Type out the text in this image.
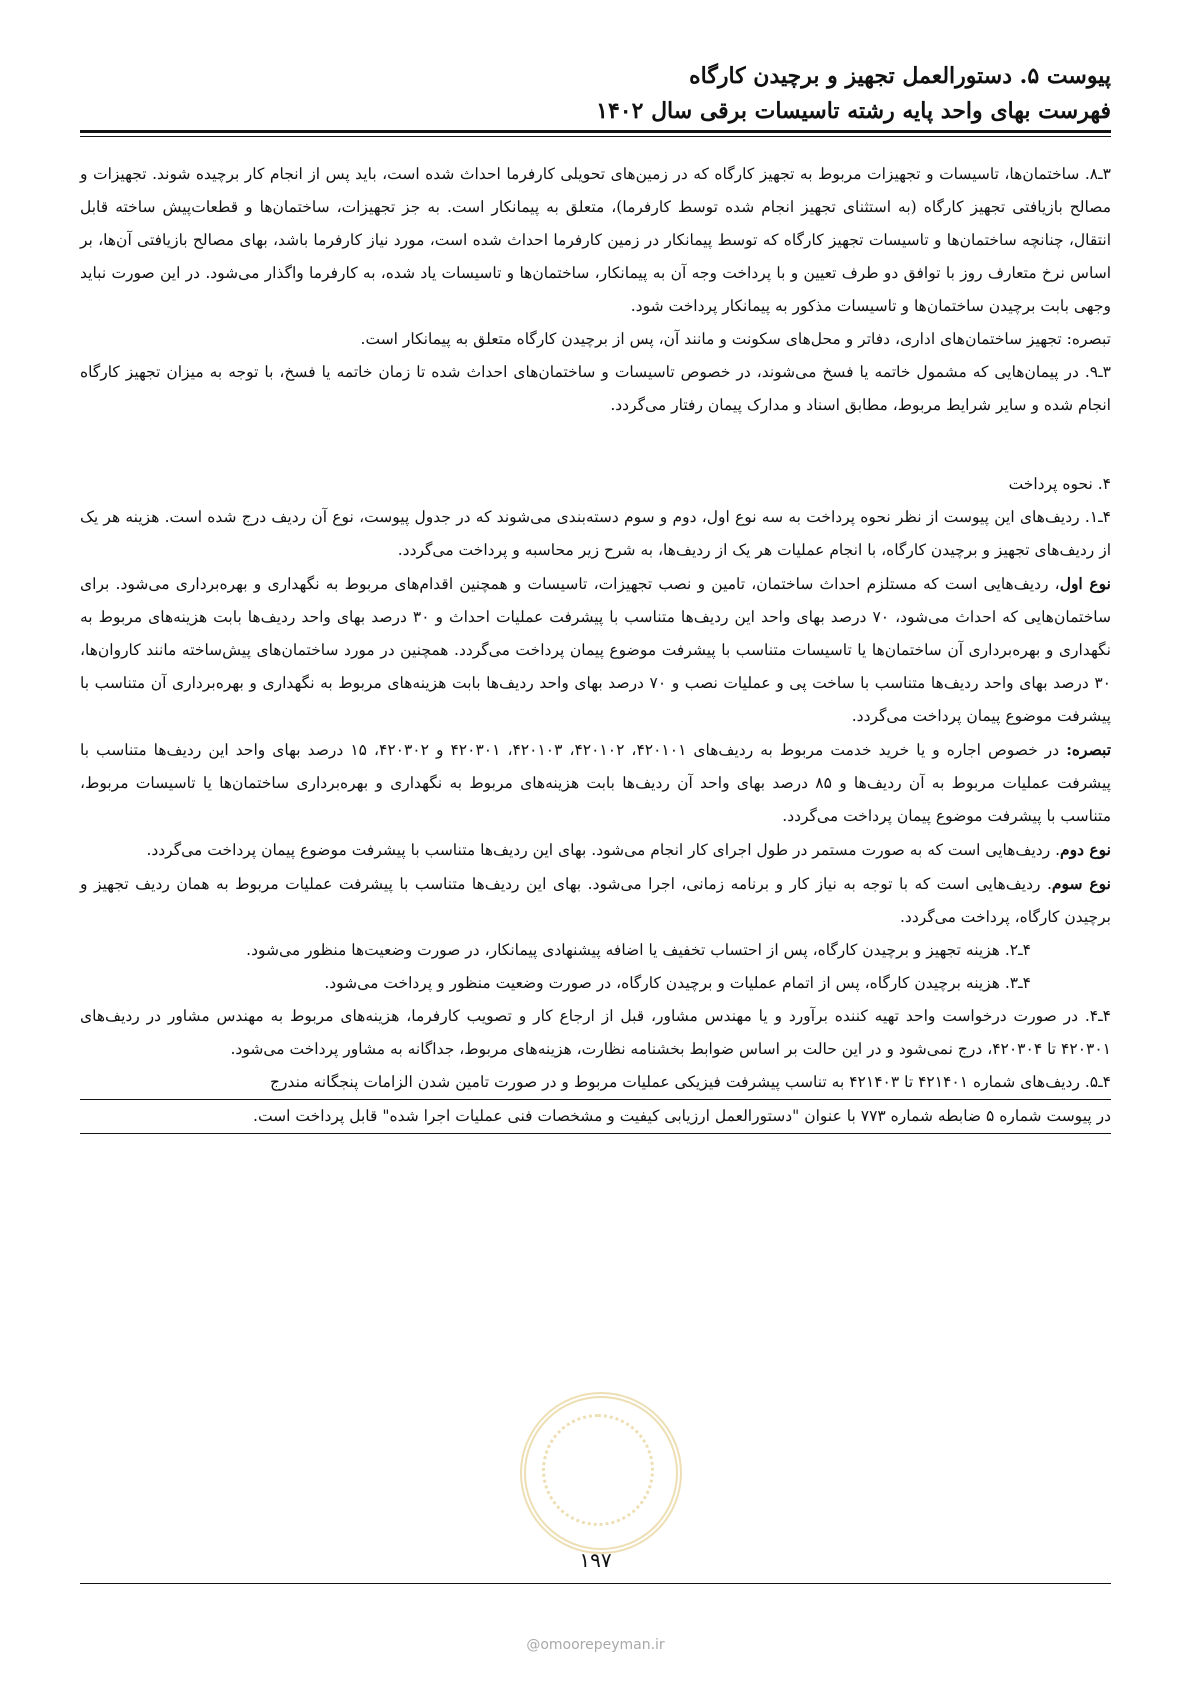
پیوست ۵. دستورالعمل تجهیز و برچیدن کارگاه
فهرست بهای واحد پایه رشته تاسیسات برقی سال ۱۴۰۲

۳ـ۸. ساختمان‌ها، تاسیسات و تجهیزات مربوط به تجهیز کارگاه که در زمین‌های تحویلی کارفرما احداث شده است، باید پس از انجام کار برچیده شوند. تجهیزات و مصالح بازیافتی تجهیز کارگاه (به استثنای تجهیز انجام شده توسط کارفرما)، متعلق به پیمانکار است. به جز تجهیزات، ساختمان‌ها و قطعات‌پیش ساخته قابل انتقال، چنانچه ساختمان‌ها و تاسیسات تجهیز کارگاه که توسط پیمانکار در زمین کارفرما احداث شده است، مورد نیاز کارفرما باشد، بهای مصالح بازیافتی آن‌ها، بر اساس نرخ متعارف روز با توافق دو طرف تعیین و با پرداخت وجه آن به پیمانکار، ساختمان‌ها و تاسیسات یاد شده، به کارفرما واگذار می‌شود. در این صورت نباید وجهی بابت برچیدن ساختمان‌ها و تاسیسات مذکور به پیمانکار پرداخت شود.

تبصره: تجهیز ساختمان‌های اداری، دفاتر و محل‌های سکونت و مانند آن، پس از برچیدن کارگاه متعلق به پیمانکار است.

۳ـ۹. در پیمان‌هایی که مشمول خاتمه یا فسخ می‌شوند، در خصوص تاسیسات و ساختمان‌های احداث شده تا زمان خاتمه یا فسخ، با توجه به میزان تجهیز کارگاه انجام شده و سایر شرایط مربوط، مطابق اسناد و مدارک پیمان رفتار می‌گردد.

۴. نحوه پرداخت

۴ـ۱. ردیف‌های این پیوست از نظر نحوه پرداخت به سه نوع اول، دوم و سوم دسته‌بندی می‌شوند که در جدول پیوست، نوع آن ردیف درج شده است. هزینه هر یک از ردیف‌های تجهیز و برچیدن کارگاه، با انجام عملیات هر یک از ردیف‌ها، به شرح زیر محاسبه و پرداخت می‌گردد.

نوع اول، ردیف‌هایی است که مستلزم احداث ساختمان، تامین و نصب تجهیزات، تاسیسات و همچنین اقدام‌های مربوط به نگهداری و بهره‌برداری می‌شود. برای ساختمان‌هایی که احداث می‌شود، ۷۰ درصد بهای واحد این ردیف‌ها متناسب با پیشرفت عملیات احداث و ۳۰ درصد بهای واحد ردیف‌ها بابت هزینه‌های مربوط به نگهداری و بهره‌برداری آن ساختمان‌ها یا تاسیسات متناسب با پیشرفت موضوع پیمان پرداخت می‌گردد. همچنین در مورد ساختمان‌های پیش‌ساخته مانند کاروان‌ها، ۳۰ درصد بهای واحد ردیف‌ها متناسب با ساخت پی و عملیات نصب و ۷۰ درصد بهای واحد ردیف‌ها بابت هزینه‌های مربوط به نگهداری و بهره‌برداری آن متناسب با پیشرفت موضوع پیمان پرداخت می‌گردد.

تبصره: در خصوص اجاره و یا خرید خدمت مربوط به ردیف‌های ۴۲۰۱۰۱، ۴۲۰۱۰۲، ۴۲۰۱۰۳، ۴۲۰۳۰۱ و ۴۲۰۳۰۲، ۱۵ درصد بهای واحد این ردیف‌ها متناسب با پیشرفت عملیات مربوط به آن ردیف‌ها و ۸۵ درصد بهای واحد آن ردیف‌ها بابت هزینه‌های مربوط به نگهداری و بهره‌برداری ساختمان‌ها یا تاسیسات مربوط، متناسب با پیشرفت موضوع پیمان پرداخت می‌گردد.

نوع دوم. ردیف‌هایی است که به صورت مستمر در طول اجرای کار انجام می‌شود. بهای این ردیف‌ها متناسب با پیشرفت موضوع پیمان پرداخت می‌گردد.

نوع سوم. ردیف‌هایی است که با توجه به نیاز کار و برنامه زمانی، اجرا می‌شود. بهای این ردیف‌ها متناسب با پیشرفت عملیات مربوط به همان ردیف تجهیز و برچیدن کارگاه، پرداخت می‌گردد.

۴ـ۲. هزینه تجهیز و برچیدن کارگاه، پس از احتساب تخفیف یا اضافه پیشنهادی پیمانکار، در صورت وضعیت‌ها منظور می‌شود.

۴ـ۳. هزینه برچیدن کارگاه، پس از اتمام عملیات و برچیدن کارگاه، در صورت وضعیت منظور و پرداخت می‌شود.

۴ـ۴. در صورت درخواست واحد تهیه کننده برآورد و یا مهندس مشاور، قبل از ارجاع کار و تصویب کارفرما، هزینه‌های مربوط به مهندس مشاور در ردیف‌های ۴۲۰۳۰۱ تا ۴۲۰۳۰۴، درج نمی‌شود و در این حالت بر اساس ضوابط بخشنامه نظارت، هزینه‌های مربوط، جداگانه به مشاور پرداخت می‌شود.

۴ـ۵. ردیف‌های شماره ۴۲۱۴۰۱ تا ۴۲۱۴۰۳ به تناسب پیشرفت فیزیکی عملیات مربوط و در صورت تامین شدن الزامات پنجگانه مندرج

در پیوست شماره ۵ ضابطه شماره ۷۷۳ با عنوان "دستورالعمل ارزیابی کیفیت و مشخصات فنی عملیات اجرا شده" قابل پرداخت است.

۱۹۷
@omoorepeyman.ir
